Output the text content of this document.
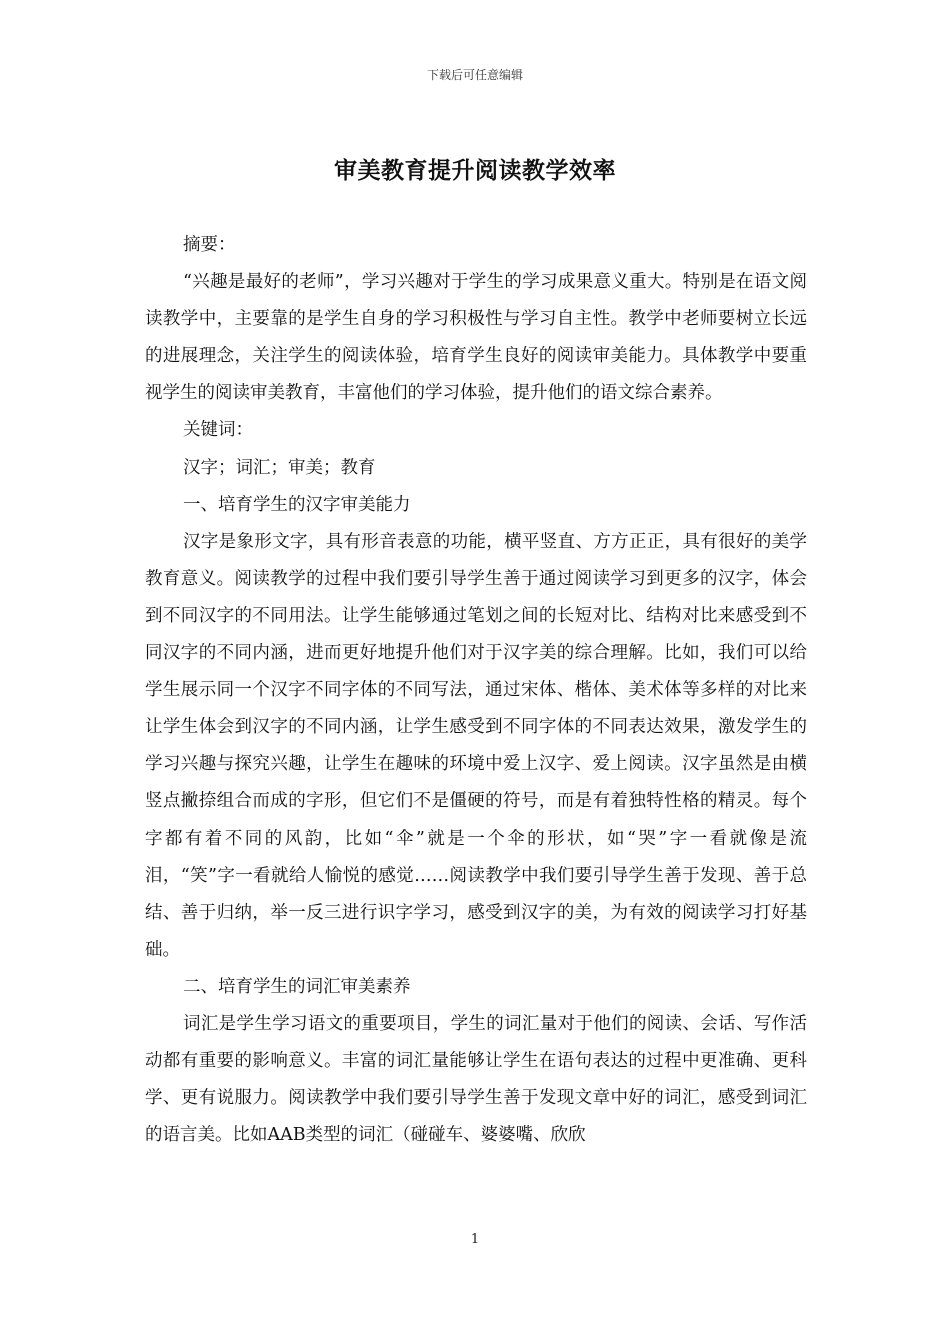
下载后可任意编辑
审美教育提升阅读教学效率

摘要：

“兴趣是最好的老师”，学习兴趣对于学生的学习成果意义重大。特别是在语文阅读教学中，主要靠的是学生自身的学习积极性与学习自主性。教学中老师要树立长远的进展理念，关注学生的阅读体验，培育学生良好的阅读审美能力。具体教学中要重视学生的阅读审美教育，丰富他们的学习体验，提升他们的语文综合素养。

关键词：

汉字；词汇；审美；教育

一、培育学生的汉字审美能力

汉字是象形文字，具有形音表意的功能，横平竖直、方方正正，具有很好的美学教育意义。阅读教学的过程中我们要引导学生善于通过阅读学习到更多的汉字，体会到不同汉字的不同用法。让学生能够通过笔划之间的长短对比、结构对比来感受到不同汉字的不同内涵，进而更好地提升他们对于汉字美的综合理解。比如，我们可以给学生展示同一个汉字不同字体的不同写法，通过宋体、楷体、美术体等多样的对比来让学生体会到汉字的不同内涵，让学生感受到不同字体的不同表达效果，激发学生的学习兴趣与探究兴趣，让学生在趣味的环境中爱上汉字、爱上阅读。汉字虽然是由横竖点撇捺组合而成的字形，但它们不是僵硬的符号，而是有着独特性格的精灵。每个字都有着不同的风韵，比如“伞”就是一个伞的形状，如“哭”字一看就像是流泪，“笑”字一看就给人愉悦的感觉……阅读教学中我们要引导学生善于发现、善于总结、善于归纳，举一反三进行识字学习，感受到汉字的美，为有效的阅读学习打好基础。

二、培育学生的词汇审美素养

词汇是学生学习语文的重要项目，学生的词汇量对于他们的阅读、会话、写作活动都有重要的影响意义。丰富的词汇量能够让学生在语句表达的过程中更准确、更科学、更有说服力。阅读教学中我们要引导学生善于发现文章中好的词汇，感受到词汇的语言美。比如AAB类型的词汇（碰碰车、婆婆嘴、欣欣

1
